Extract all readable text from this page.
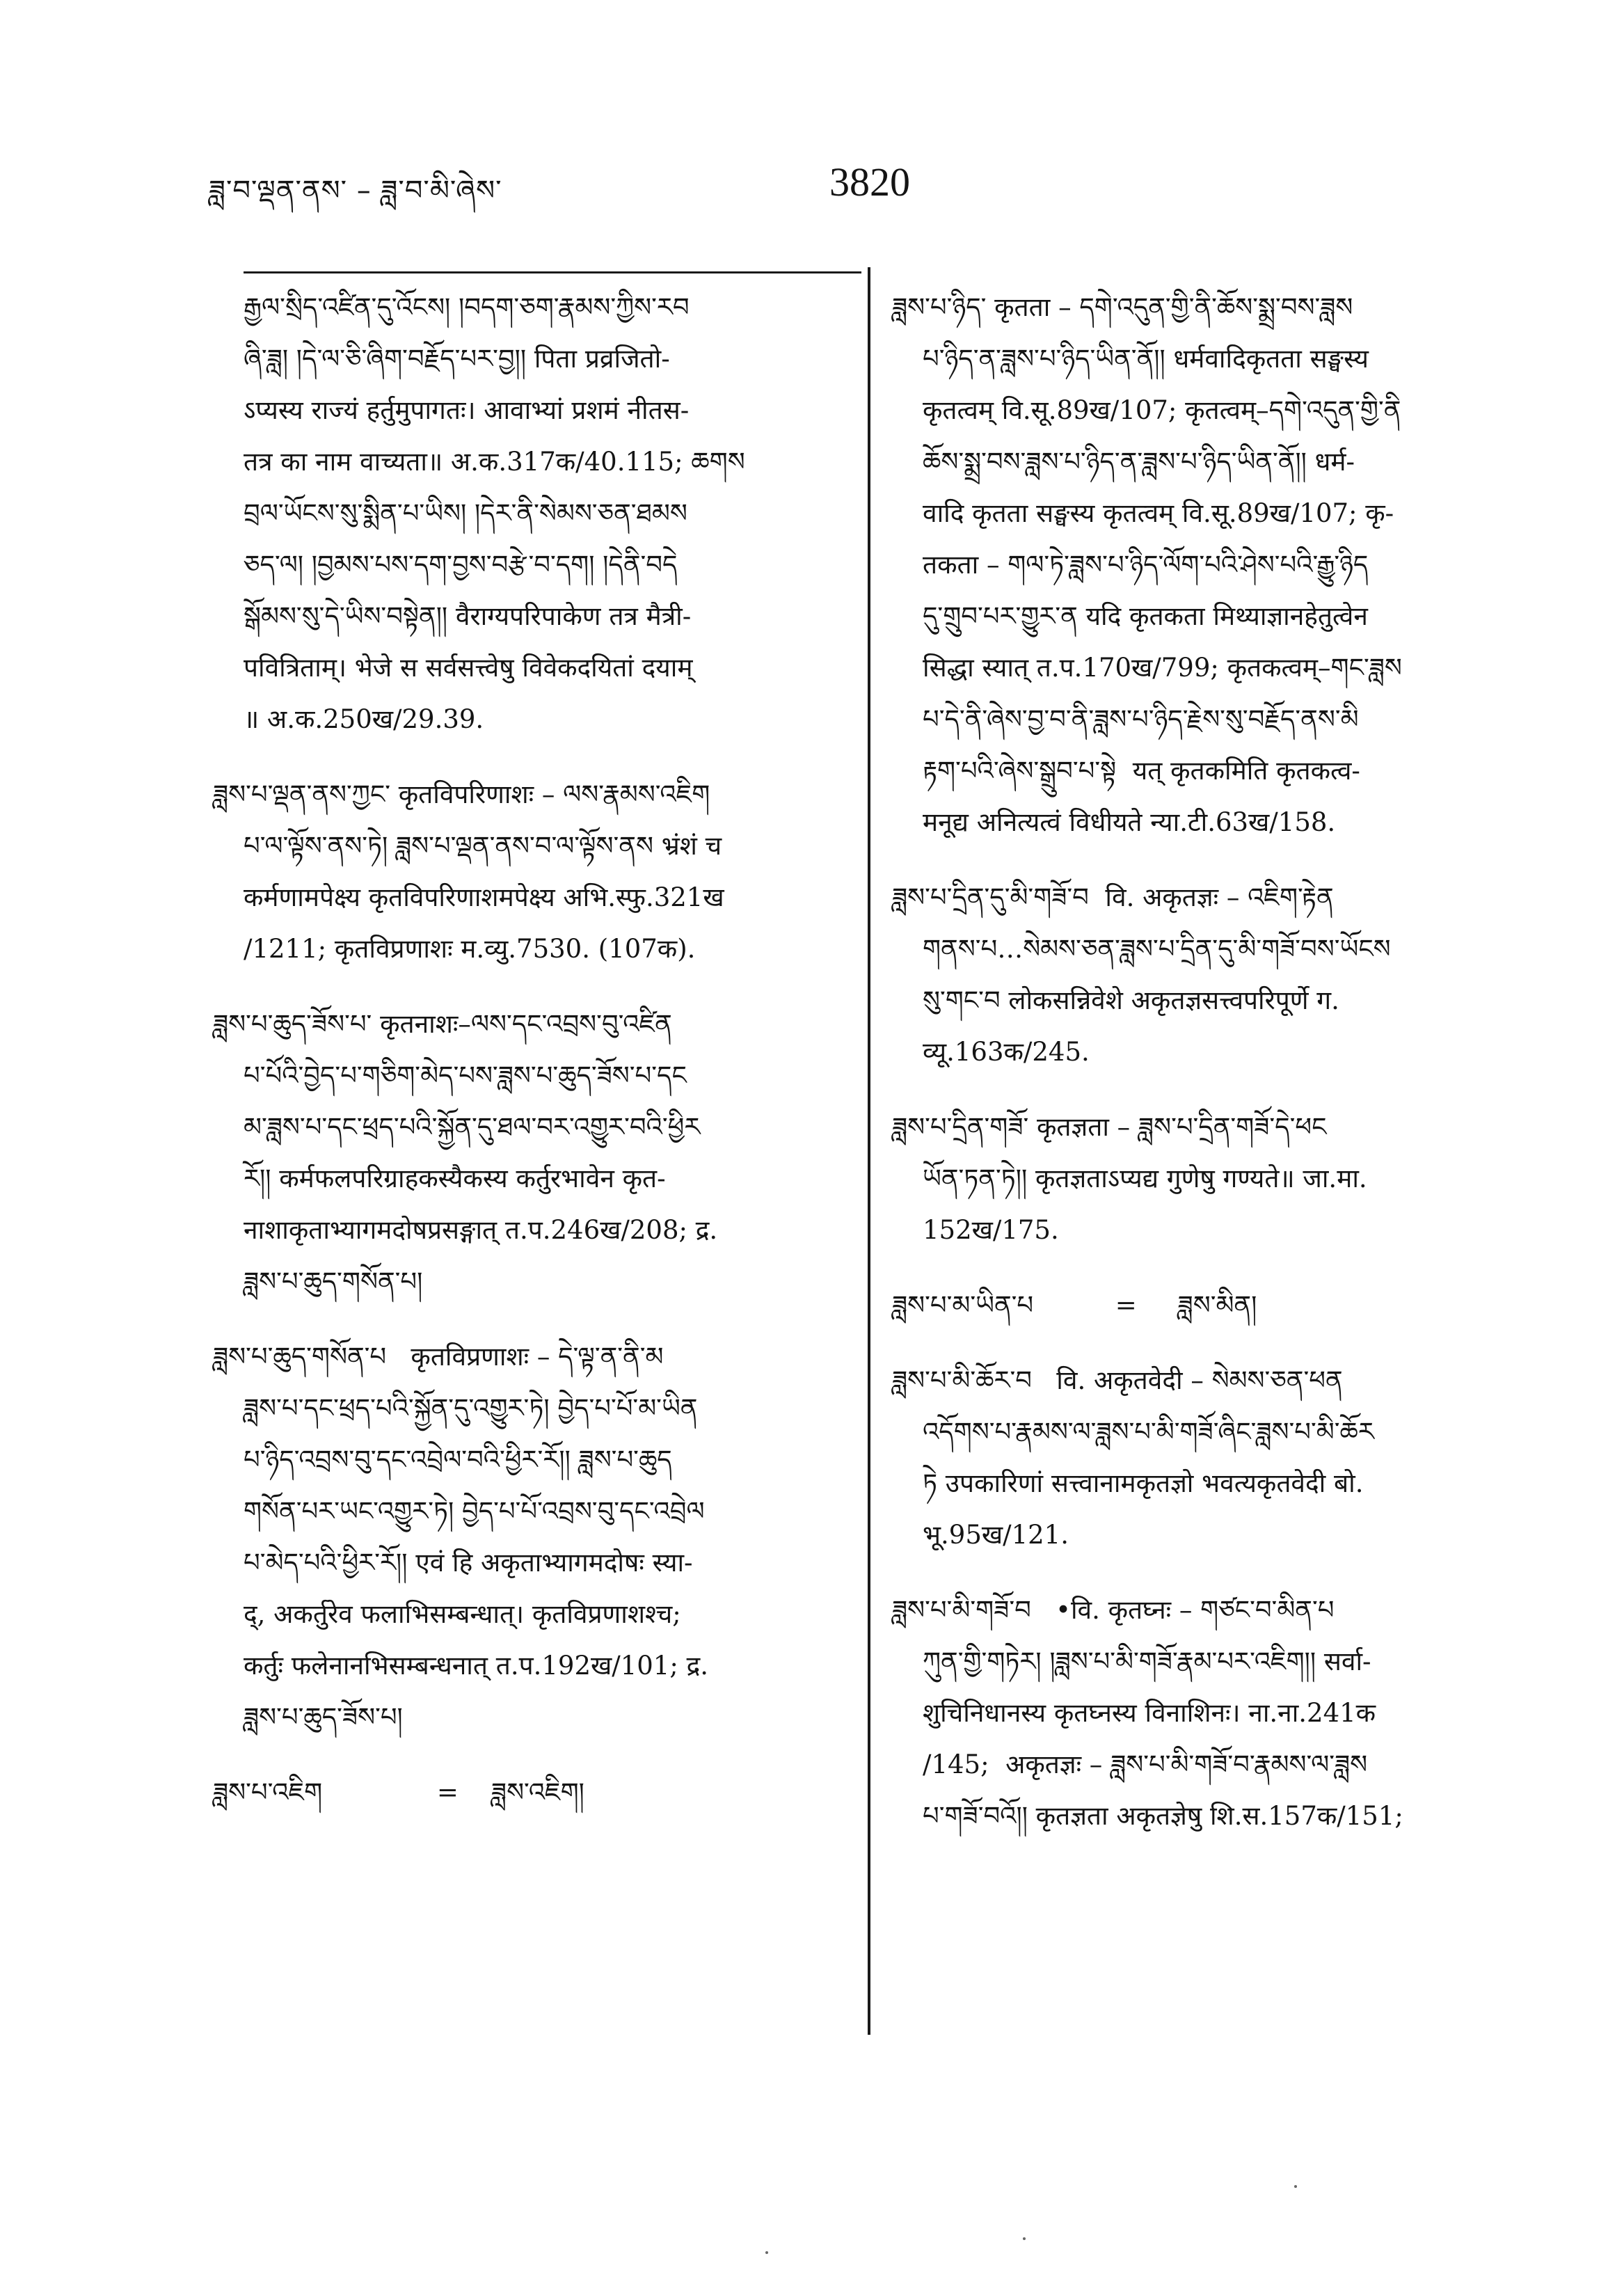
ཟླ་བ་ལྡན་ནས་ – ཟླ་བ་མི་ཞེས་	3820

རྒྱལ་སྲིད་འཛིན་དུ་འོངས། །བདག་ཅག་རྣམས་ཀྱིས་རབ

ཞི་ཟླ། །དེ་ལ་ཅི་ཞིག་བརྗོད་པར་བྱ།། पिता प्रव्रजितो-

ऽप्यस्य राज्यं हर्तुमुपागतः। आवाभ्यां प्रशमं नीतस-

तत्र का नाम वाच्यता॥ अ.क.317क/40.115; ཆགས

བྲལ་ཡོངས་སུ་སྨིན་པ་ཡིས། །དེར་ནི་སེམས་ཅན་ཐམས

ཅད་ལ། །བྱམས་པས་དག་བྱས་བརྩེ་བ་དག། །དེནི་བདེ

སྒོམས་སུ་དེ་ཡིས་བསྟེན།། वैराग्यपरिपाकेण तत्र मैत्री-

पवित्रिताम्। भेजे स सर्वसत्त्वेषु विवेकदयितां दयाम्

॥ अ.क.250ख/29.39.

ཟླས་པ་ལྡན་ནས་ཀྱང་ कृतविपरिणाशः – ལས་རྣམས་འཇིག

པ་ལ་ལྟོས་ནས་ཏེ། ཟླས་པ་ལྡན་ནས་བ་ལ་ལྟོས་ནས भ्रंशं च

कर्मणामपेक्ष्य कृतविपरिणाशमपेक्ष्य अभि.स्फु.321ख

/1211; कृतविप्रणाशः म.व्यु.7530. (107क).

ཟླས་པ་ཆུད་ཟོས་པ་ कृतनाशः–ལས་དང་འབྲས་བུ་འཛིན

པ་པོའི་བྱེད་པ་གཅིག་མེད་པས་ཟླས་པ་ཆུད་ཟོས་པ་དང

མ་ཟླས་པ་དང་ཕྲད་པའི་སྐྱོན་དུ་ཐལ་བར་འགྱུར་བའི་ཕྱིར

རོ།། कर्मफलपरिग्राहकस्यैकस्य कर्तुरभावेन कृत-

नाशाकृताभ्यागमदोषप्रसङ्गात् त.प.246ख/208; द्र.

ཟླས་པ་ཆུད་གསོན་པ།

ཟླས་པ་ཆུད་གསོན་པ   कृतविप्रणाशः – དེ་ལྟ་ན་ནི་མ

ཟླས་པ་དང་ཕྲད་པའི་སྐྱོན་དུ་འགྱུར་ཏེ། བྱེད་པ་པོ་མ་ཡིན

པ་ཉིད་འབྲས་བུ་དང་འབྲེལ་བའི་ཕྱིར་རོ།། ཟླས་པ་ཆུད

གསོན་པར་ཡང་འགྱུར་ཏེ། བྱེད་པ་པོ་འབྲས་བུ་དང་འབྲེལ

པ་མེད་པའི་ཕྱིར་རོ།། एवं हि अकृताभ्यागमदोषः स्या-

द्, अकर्तुरेव फलाभिसम्बन्धात्। कृतविप्रणाशश्च;

कर्तुः फलेनानभिसम्बन्धनात् त.प.192ख/101; द्र.

ཟླས་པ་ཆུད་ཟོས་པ།

ཟླས་པ་འཇིག              =    ཟླས་འཇིག།

ཟླས་པ་ཉིད་ कृतता – དགེ་འདུན་གྱི་ནི་ཆོས་སྨྲ་བས་ཟླས

པ་ཉིད་ན་ཟླས་པ་ཉིད་ཡིན་ནོ།། धर्मवादिकृतता सङ्घस्य

कृतत्वम् वि.सू.89ख/107; कृतत्वम्–དགེ་འདུན་གྱི་ནི

ཆོས་སྨྲ་བས་ཟླས་པ་ཉིད་ན་ཟླས་པ་ཉིད་ཡིན་ནོ།། धर्म-

वादि कृतता सङ्घस्य कृतत्वम् वि.सू.89ख/107; कृ-

तकता – གལ་ཏེ་ཟླས་པ་ཉིད་ལོག་པའི་ཤེས་པའི་རྒྱུ་ཉིད

དུ་གྲུབ་པར་གྱུར་ན यदि कृतकता मिथ्याज्ञानहेतुत्वेन

सिद्धा स्यात् त.प.170ख/799; कृतकत्वम्–གང་ཟླས

པ་དེ་ནི་ཞེས་བྱ་བ་ནི་ཟླས་པ་ཉིད་རྗེས་སུ་བརྗོད་ནས་མི

རྟག་པའི་ཞེས་སྒྲུབ་པ་སྟེ  यत् कृतकमिति कृतकत्व-

मनूद्य अनित्यत्वं विधीयते न्या.टी.63ख/158.

ཟླས་པ་དྲིན་དུ་མི་གཟོ་བ  वि. अकृतज्ञः – འཇིག་རྟེན

གནས་པ…སེམས་ཅན་ཟླས་པ་དྲིན་དུ་མི་གཟོ་བས་ཡོངས

སུ་གང་བ लोकसन्निवेशे अकृतज्ञसत्त्वपरिपूर्णे ग.

व्यू.163क/245.

ཟླས་པ་དྲིན་གཟོ་ कृतज्ञता – ཟླས་པ་དྲིན་གཟོ་དེ་ཕང

ཡོན་ཏན་ཏེ།། कृतज्ञताऽप्यद्य गुणेषु गण्यते॥ जा.मा.

152ख/175.

ཟླས་པ་མ་ཡིན་པ          =     ཟླས་མིན།

ཟླས་པ་མི་ཆོར་བ   वि. अकृतवेदी – སེམས་ཅན་ཕན

འདོགས་པ་རྣམས་ལ་ཟླས་པ་མི་གཟོ་ཞིང་ཟླས་པ་མི་ཆོར

ཏེ उपकारिणां सत्त्वानामकृतज्ञो भवत्यकृतवेदी बो.

भू.95ख/121.

ཟླས་པ་མི་གཟོ་བ   •वि. कृतघ्नः – གཙང་བ་མིན་པ

ཀུན་གྱི་གཏེར། །ཟླས་པ་མི་གཟོ་རྣམ་པར་འཇིག།། सर्वा-

शुचिनिधानस्य कृतघ्नस्य विनाशिनः। ना.ना.241क

/145;  अकृतज्ञः – ཟླས་པ་མི་གཟོ་བ་རྣམས་ལ་ཟླས

པ་གཟོ་བའོ།། कृतज्ञता अकृतज्ञेषु शि.स.157क/151;
